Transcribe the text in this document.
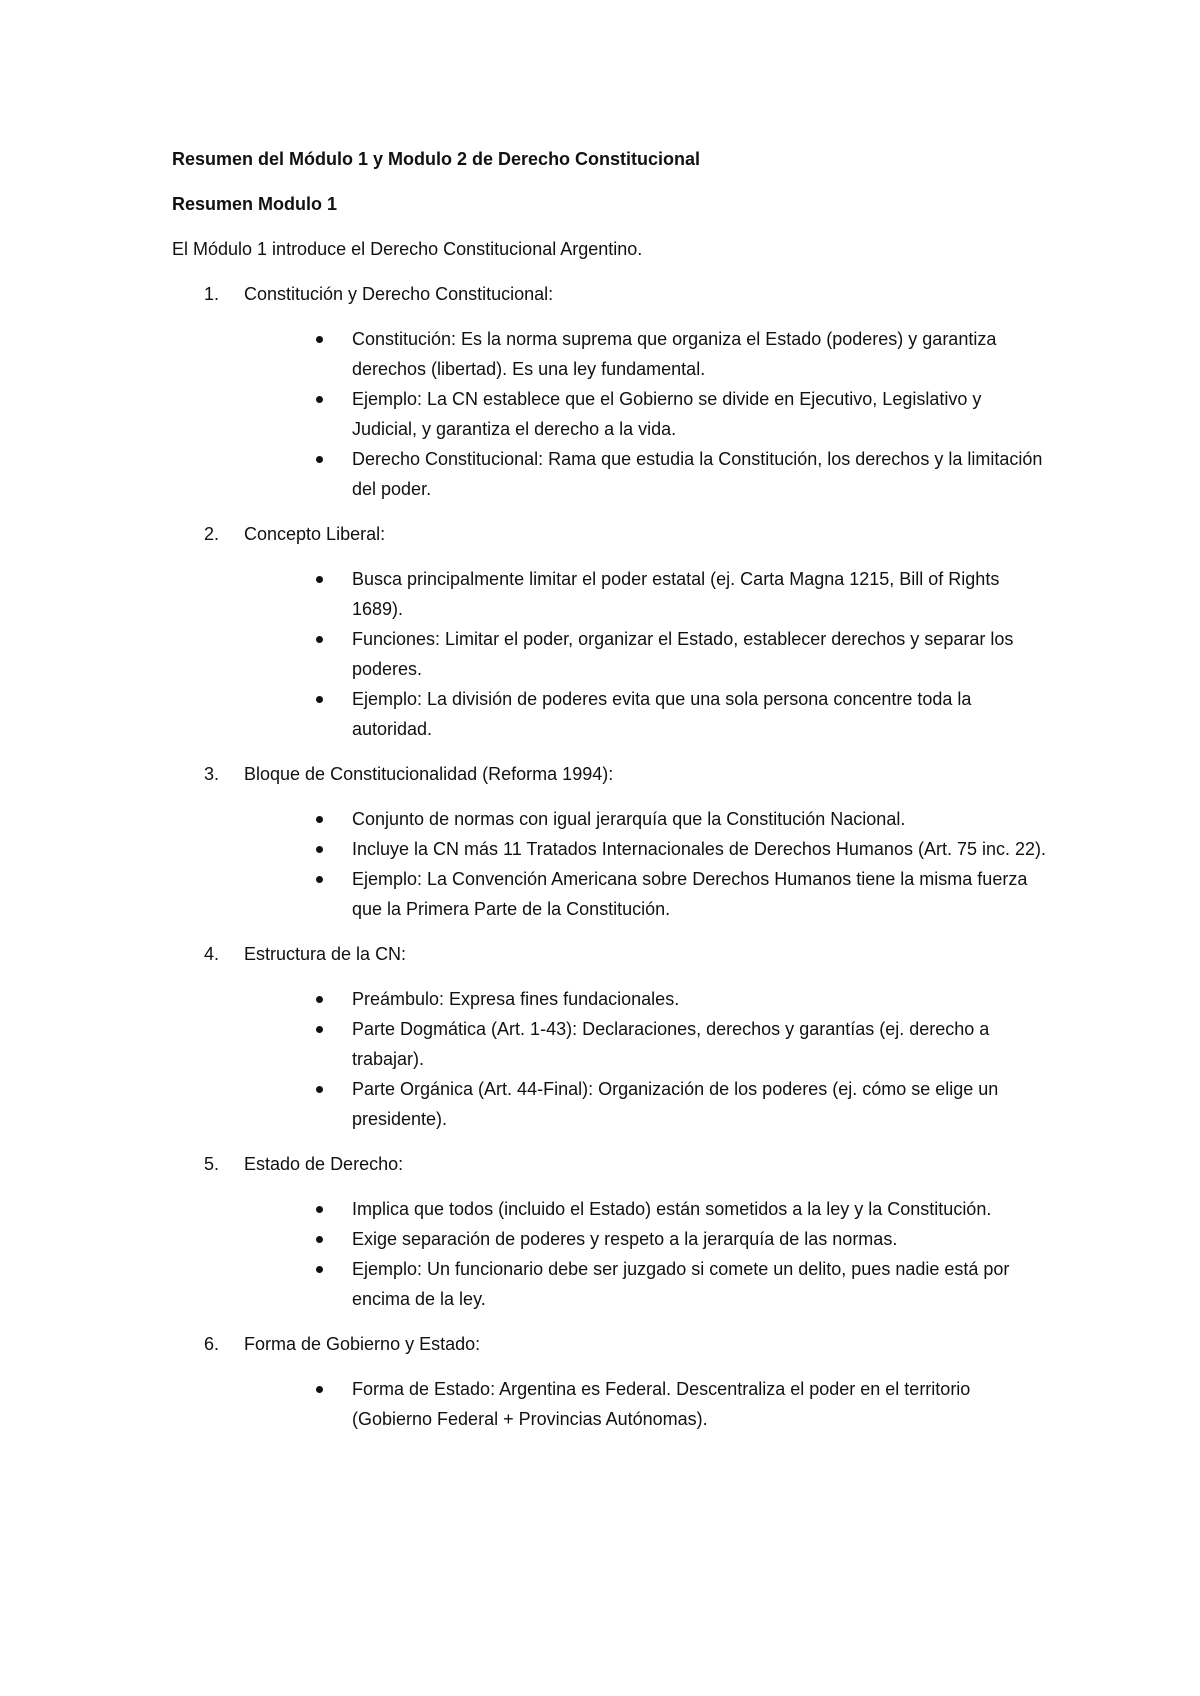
Resumen del Módulo 1 y Modulo 2 de Derecho Constitucional
Resumen Modulo 1
El Módulo 1 introduce el Derecho Constitucional Argentino.
1. Constitución y Derecho Constitucional:
Constitución: Es la norma suprema que organiza el Estado (poderes) y garantiza derechos (libertad). Es una ley fundamental.
Ejemplo: La CN establece que el Gobierno se divide en Ejecutivo, Legislativo y Judicial, y garantiza el derecho a la vida.
Derecho Constitucional: Rama que estudia la Constitución, los derechos y la limitación del poder.
2. Concepto Liberal:
Busca principalmente limitar el poder estatal (ej. Carta Magna 1215, Bill of Rights 1689).
Funciones: Limitar el poder, organizar el Estado, establecer derechos y separar los poderes.
Ejemplo: La división de poderes evita que una sola persona concentre toda la autoridad.
3. Bloque de Constitucionalidad (Reforma 1994):
Conjunto de normas con igual jerarquía que la Constitución Nacional.
Incluye la CN más 11 Tratados Internacionales de Derechos Humanos (Art. 75 inc. 22).
Ejemplo: La Convención Americana sobre Derechos Humanos tiene la misma fuerza que la Primera Parte de la Constitución.
4. Estructura de la CN:
Preámbulo: Expresa fines fundacionales.
Parte Dogmática (Art. 1-43): Declaraciones, derechos y garantías (ej. derecho a trabajar).
Parte Orgánica (Art. 44-Final): Organización de los poderes (ej. cómo se elige un presidente).
5. Estado de Derecho:
Implica que todos (incluido el Estado) están sometidos a la ley y la Constitución.
Exige separación de poderes y respeto a la jerarquía de las normas.
Ejemplo: Un funcionario debe ser juzgado si comete un delito, pues nadie está por encima de la ley.
6. Forma de Gobierno y Estado:
Forma de Estado: Argentina es Federal. Descentraliza el poder en el territorio (Gobierno Federal + Provincias Autónomas).
